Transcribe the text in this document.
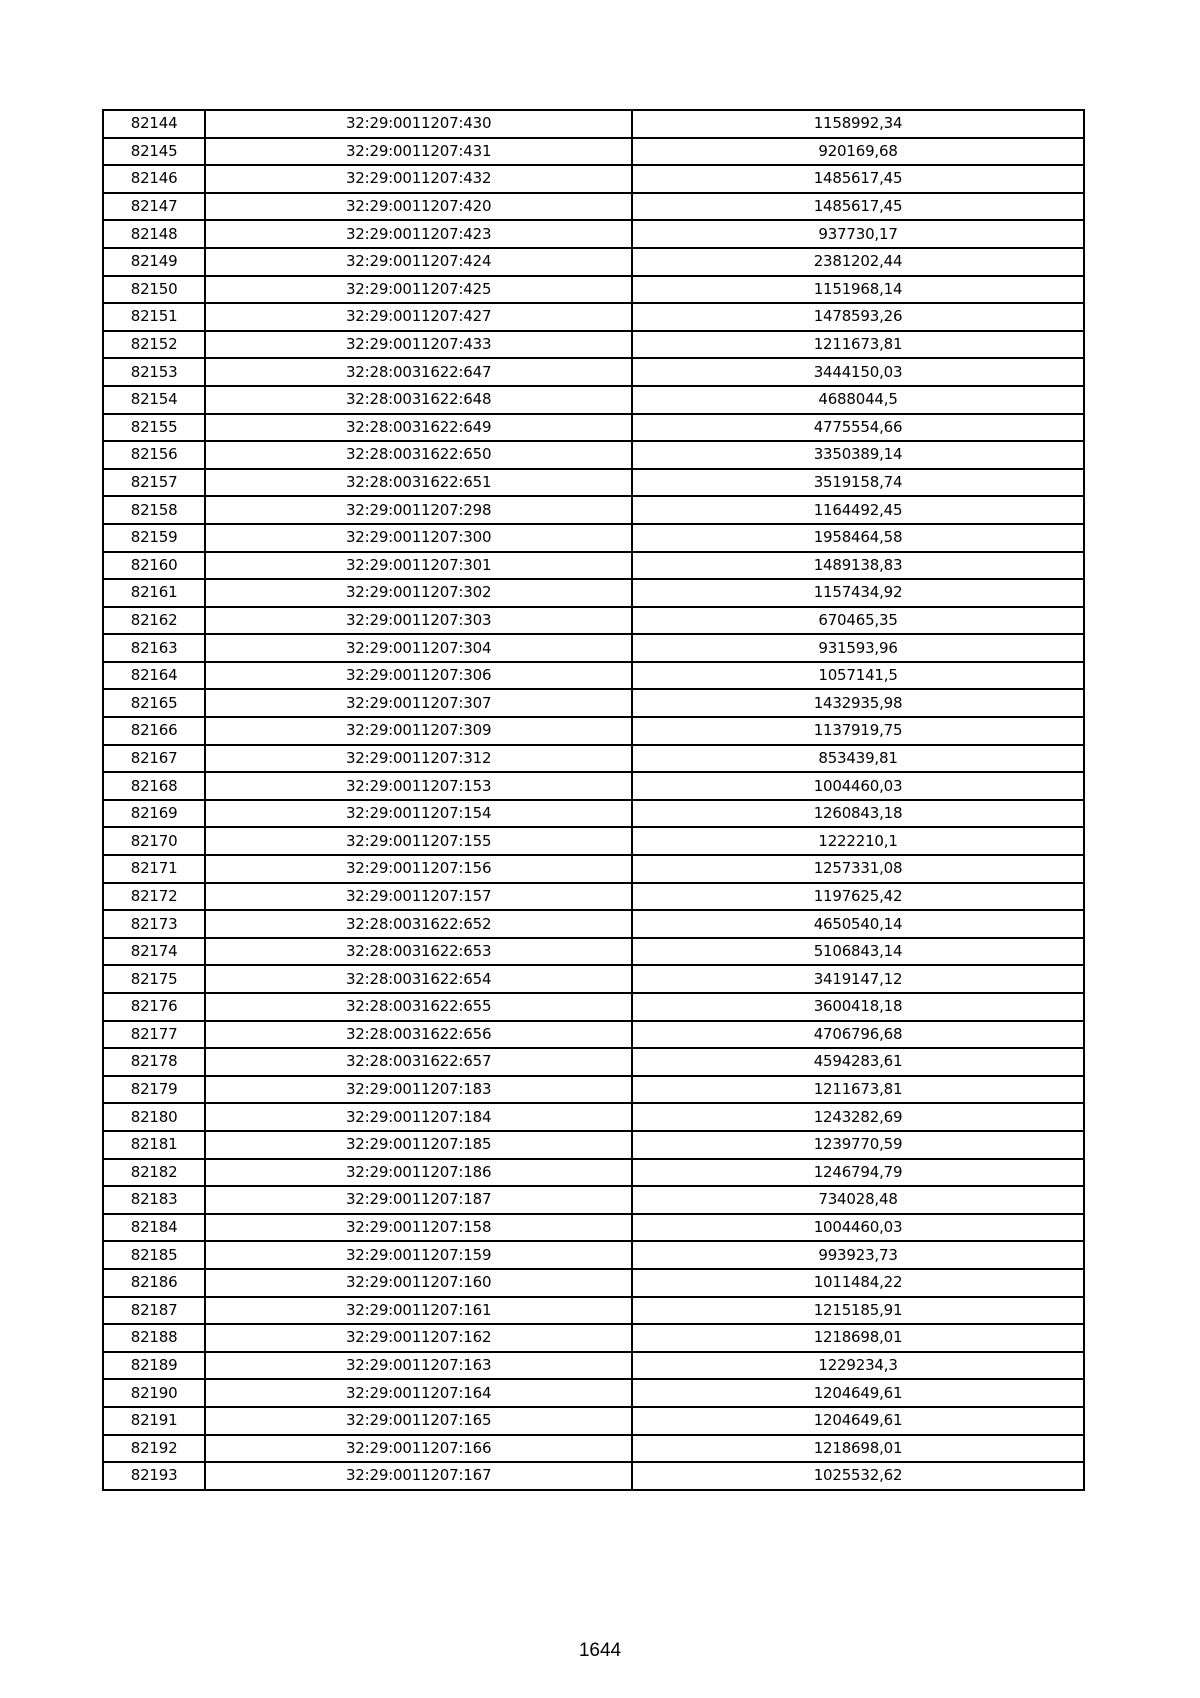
82144	32:29:0011207:430	1158992,34
82145	32:29:0011207:431	920169,68
82146	32:29:0011207:432	1485617,45
82147	32:29:0011207:420	1485617,45
82148	32:29:0011207:423	937730,17
82149	32:29:0011207:424	2381202,44
82150	32:29:0011207:425	1151968,14
82151	32:29:0011207:427	1478593,26
82152	32:29:0011207:433	1211673,81
82153	32:28:0031622:647	3444150,03
82154	32:28:0031622:648	4688044,5
82155	32:28:0031622:649	4775554,66
82156	32:28:0031622:650	3350389,14
82157	32:28:0031622:651	3519158,74
82158	32:29:0011207:298	1164492,45
82159	32:29:0011207:300	1958464,58
82160	32:29:0011207:301	1489138,83
82161	32:29:0011207:302	1157434,92
82162	32:29:0011207:303	670465,35
82163	32:29:0011207:304	931593,96
82164	32:29:0011207:306	1057141,5
82165	32:29:0011207:307	1432935,98
82166	32:29:0011207:309	1137919,75
82167	32:29:0011207:312	853439,81
82168	32:29:0011207:153	1004460,03
82169	32:29:0011207:154	1260843,18
82170	32:29:0011207:155	1222210,1
82171	32:29:0011207:156	1257331,08
82172	32:29:0011207:157	1197625,42
82173	32:28:0031622:652	4650540,14
82174	32:28:0031622:653	5106843,14
82175	32:28:0031622:654	3419147,12
82176	32:28:0031622:655	3600418,18
82177	32:28:0031622:656	4706796,68
82178	32:28:0031622:657	4594283,61
82179	32:29:0011207:183	1211673,81
82180	32:29:0011207:184	1243282,69
82181	32:29:0011207:185	1239770,59
82182	32:29:0011207:186	1246794,79
82183	32:29:0011207:187	734028,48
82184	32:29:0011207:158	1004460,03
82185	32:29:0011207:159	993923,73
82186	32:29:0011207:160	1011484,22
82187	32:29:0011207:161	1215185,91
82188	32:29:0011207:162	1218698,01
82189	32:29:0011207:163	1229234,3
82190	32:29:0011207:164	1204649,61
82191	32:29:0011207:165	1204649,61
82192	32:29:0011207:166	1218698,01
82193	32:29:0011207:167	1025532,62
1644
